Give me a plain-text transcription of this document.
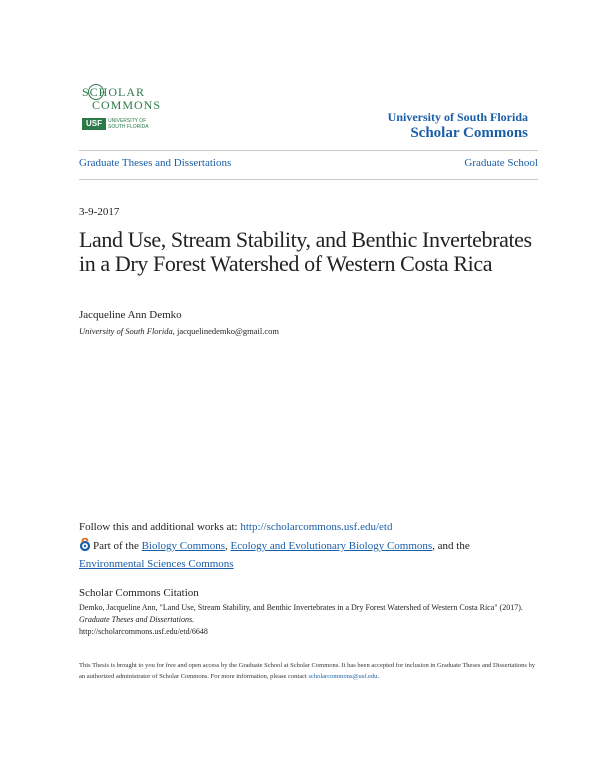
SCHOLAR
COMMONS
USF	UNIVERSITY OF SOUTH FLORIDA
University of South Florida
Scholar Commons
Graduate Theses and Dissertations	Graduate School
3-9-2017
Land Use, Stream Stability, and Benthic Invertebrates in a Dry Forest Watershed of Western Costa Rica
Jacqueline Ann Demko
University of South Florida, jacquelinedemko@gmail.com
Follow this and additional works at: http://scholarcommons.usf.edu/etd
Part of the Biology Commons, Ecology and Evolutionary Biology Commons, and the
Environmental Sciences Commons
Scholar Commons Citation
Demko, Jacqueline Ann, "Land Use, Stream Stability, and Benthic Invertebrates in a Dry Forest Watershed of Western Costa Rica" (2017). Graduate Theses and Dissertations.
http://scholarcommons.usf.edu/etd/6648
This Thesis is brought to you for free and open access by the Graduate School at Scholar Commons. It has been accepted for inclusion in Graduate Theses and Dissertations by an authorized administrator of Scholar Commons. For more information, please contact scholarcommons@usf.edu.
